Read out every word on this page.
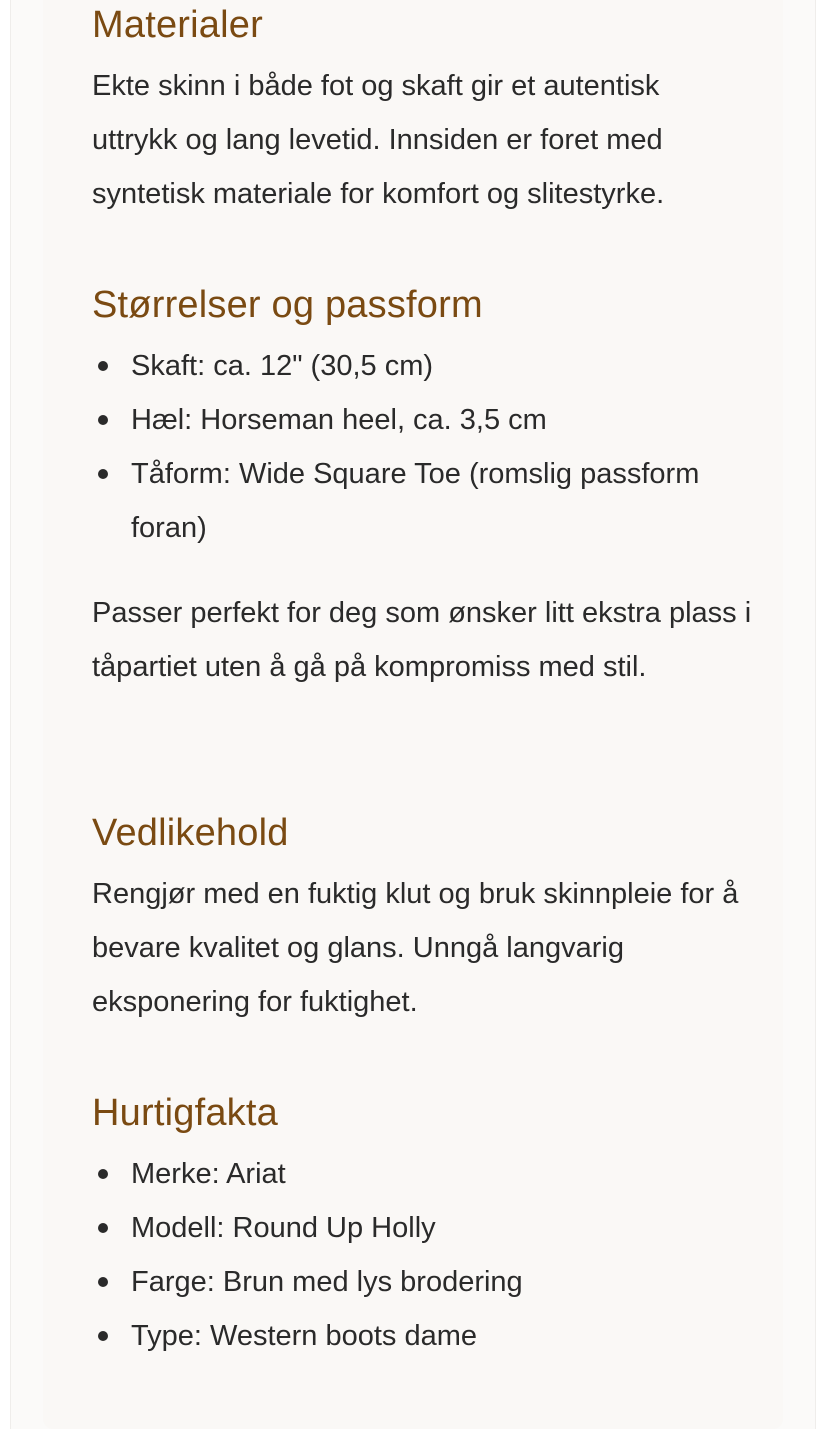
Materialer

Ekte skinn i både fot og skaft gir et autentisk uttrykk og lang levetid. Innsiden er foret med syntetisk materiale for komfort og slitestyrke.

Størrelser og passform
Skaft: ca. 12" (30,5 cm)
Hæl: Horseman heel, ca. 3,5 cm
Tåform: Wide Square Toe (romslig passform foran)

Passer perfekt for deg som ønsker litt ekstra plass i tåpartiet uten å gå på kompromiss med stil.

Vedlikehold

Rengjør med en fuktig klut og bruk skinnpleie for å bevare kvalitet og glans. Unngå langvarig eksponering for fuktighet.

Hurtigfakta
Merke: Ariat
Modell: Round Up Holly
Farge: Brun med lys brodering
Type: Western boots dame
